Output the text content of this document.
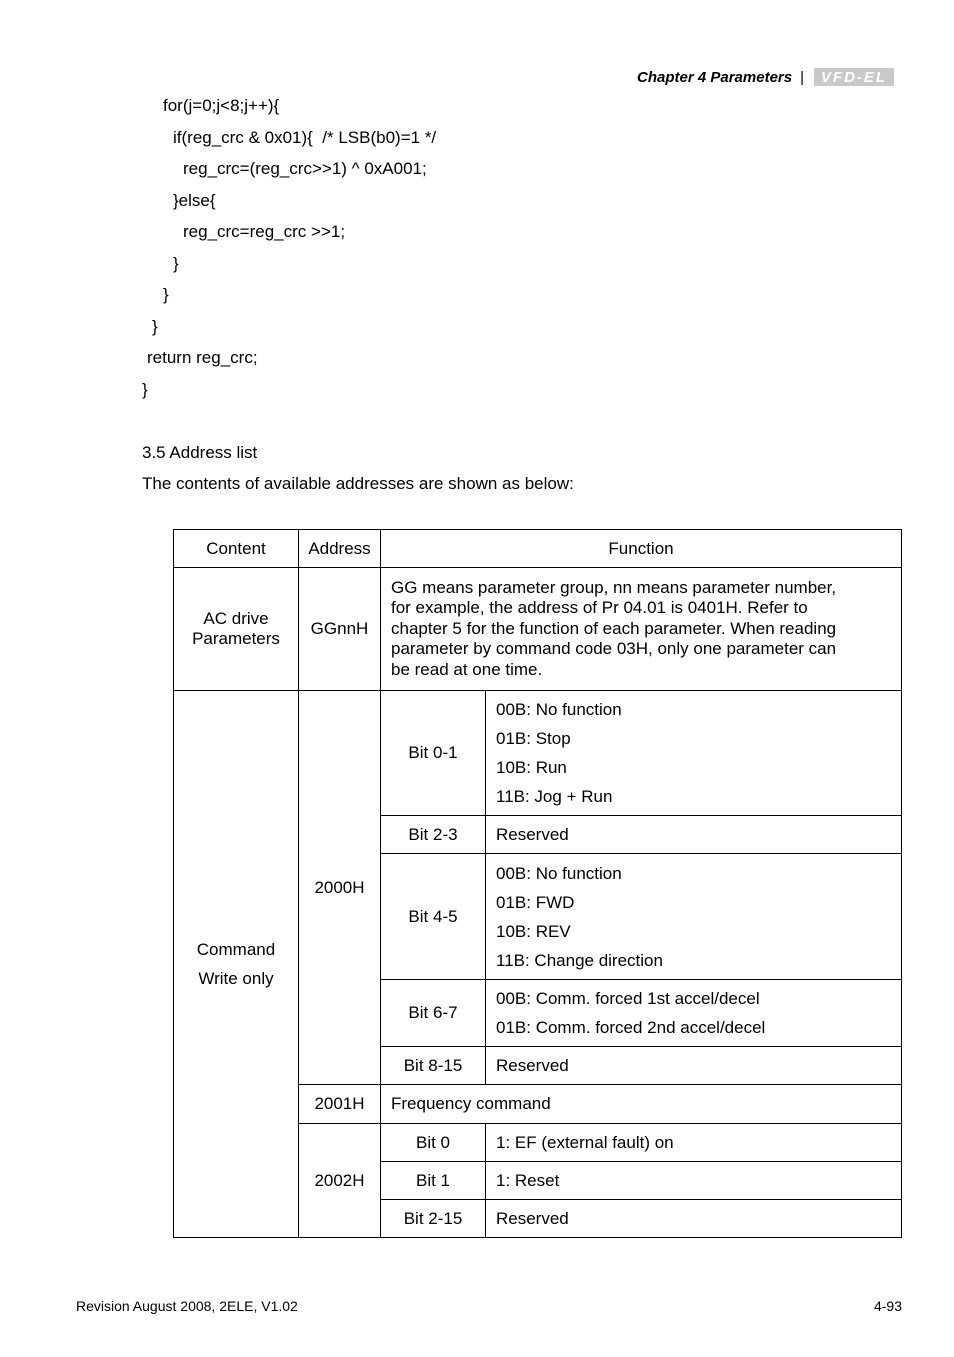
Chapter 4 Parameters |	VFD-EL
for(j=0;j<8;j++){
if(reg_crc & 0x01){  /* LSB(b0)=1 */
reg_crc=(reg_crc>>1) ^ 0xA001;
}else{
reg_crc=reg_crc >>1;
}
}
}
return reg_crc;
}
3.5 Address list
The contents of available addresses are shown as below:
Content	Address	Function	

AC drive
Parameters	GGnnH	GG means parameter group, nn means parameter number,
for example, the address of Pr 04.01 is 0401H. Refer to
chapter 5 for the function of each parameter. When reading
parameter by command code 03H, only one parameter can
be read at one time.	

Command
Write only	2000H	Bit 0-1	00B: No function
01B: Stop
10B: Run
11B: Jog + Run

		Bit 2-3	Reserved
		Bit 4-5	00B: No function
01B: FWD
10B: REV
11B: Change direction

		Bit 6-7	00B: Comm. forced 1st accel/decel
01B: Comm. forced 2nd accel/decel

		Bit 8-15	Reserved
	2001H	Frequency command	
	2002H	Bit 0	1: EF (external fault) on
		Bit 1	1: Reset
		Bit 2-15	Reserved
Revision August 2008, 2ELE, V1.02	4-93
